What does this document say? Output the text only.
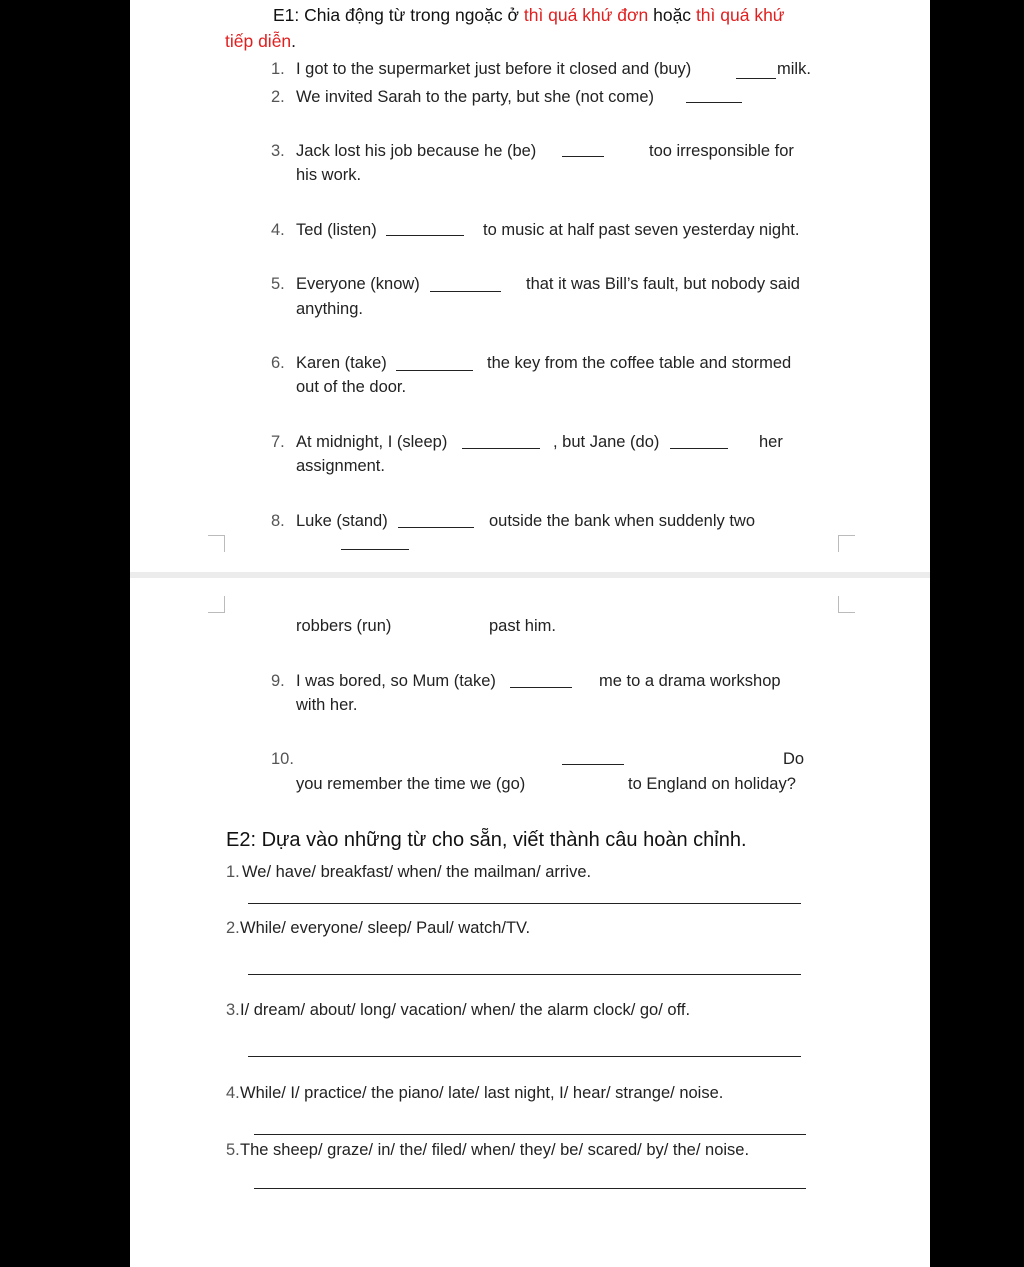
E1: Chia động từ trong ngoặc ở thì quá khứ đơn hoặc thì quá khứ
tiếp diễn.
1. I got to the supermarket just before it closed and (buy)	milk.
2. We invited Sarah to the party, but she (not come)
3. Jack lost his job because he (be)	too irresponsible for
his work.
4. Ted (listen)	to music at half past seven yesterday night.
5. Everyone (know)	that it was Bill’s fault, but nobody said
anything.
6. Karen (take)	the key from the coffee table and stormed
out of the door.
7. At midnight, I (sleep)	, but Jane (do)	her
assignment.
8. Luke (stand)	outside the bank when suddenly two
robbers (run)	past him.
9. I was bored, so Mum (take)	me to a drama workshop
with her.
10.	Do
you remember the time we (go)	to England on holiday?
E2: Dựa vào những từ cho sẵn, viết thành câu hoàn chỉnh.
1. We/ have/ breakfast/ when/ the mailman/ arrive.
2. While/ everyone/ sleep/ Paul/ watch/TV.
3. I/ dream/ about/ long/ vacation/ when/ the alarm clock/ go/ off.
4. While/ I/ practice/ the piano/ late/ last night, I/ hear/ strange/ noise.
5. The sheep/ graze/ in/ the/ filed/ when/ they/ be/ scared/ by/ the/ noise.
